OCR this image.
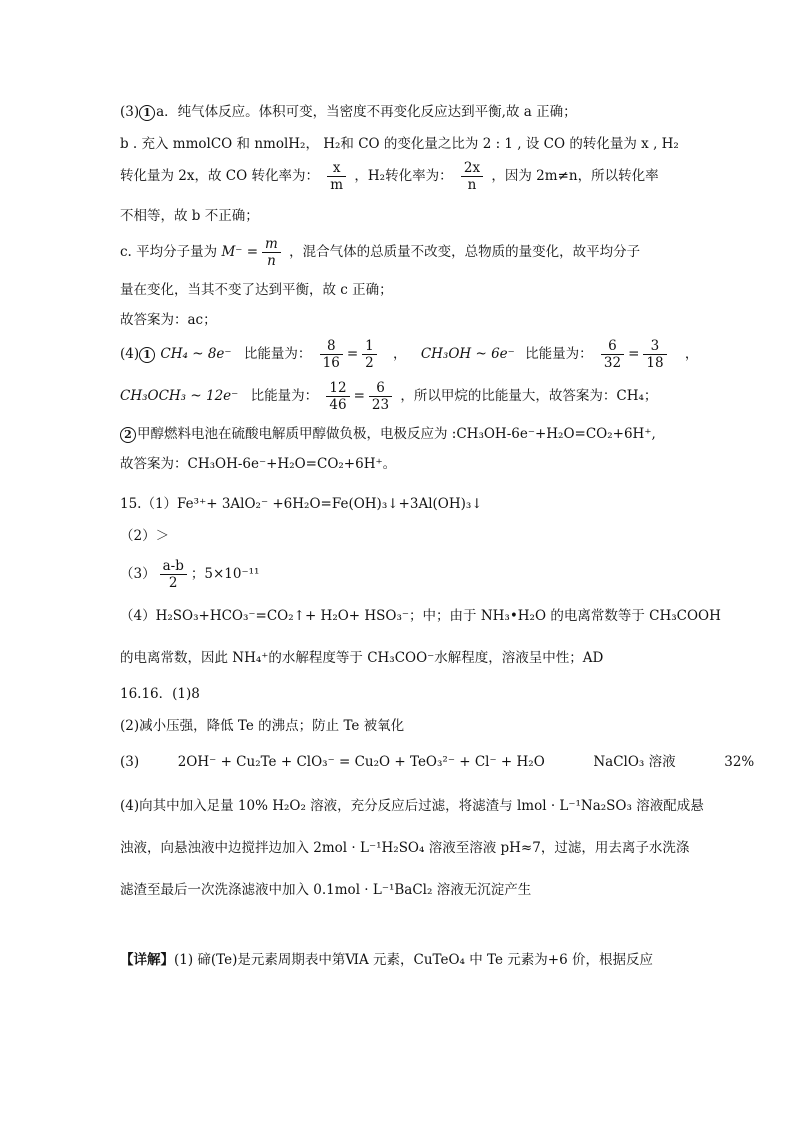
(3) 1 a．纯气体反应。体积可变，当密度不再变化反应达到平衡,故 a 正确；
b . 充入 mmolCO 和 nmolH₂， H₂和 CO 的变化量之比为 2 : 1 , 设 CO 的转化量为 x , H₂
转化量为 2x，故 CO 转化率为： $\frac{x}{m}$ ，H₂转化率为： $\frac{2x}{n}$ ，因为 2m≠n，所以转化率
不相等，故 b 不正确；
c. 平均分子量为 $M^- = \frac{m}{n}$ ，混合气体的总质量不改变，总物质的量变化，故平均分子
量在变化，当其不变了达到平衡，故 c 正确；
故答案为：ac；
(4) 1 CH₄ ~ 8e⁻ 比能量为： $\frac{8}{16} = \frac{1}{2}$ ， CH₃OH ~ 6e⁻ 比能量为： $\frac{6}{32} = \frac{3}{18}$ ，
CH₃OCH₃ ~ 12e⁻ 比能量为： $\frac{12}{46} = \frac{6}{23}$ ，所以甲烷的比能量大，故答案为：CH₄；
2 甲醇燃料电池在硫酸电解质甲醇做负极，电极反应为 :CH₃OH-6e⁻+H₂O=CO₂+6H⁺,
故答案为：CH₃OH-6e⁻+H₂O=CO₂+6H⁺。
15.（1）Fe³⁺+ 3AlO₂⁻ +6H₂O=Fe(OH)₃↓+3Al(OH)₃↓
（2）＞
$(3) \frac{a-b}{2}$ ；5×10⁻¹¹
（4）H₂SO₃+HCO₃⁻=CO₂↑+ H₂O+ HSO₃⁻；中；由于 NH₃•H₂O 的电离常数等于 CH₃COOH
的电离常数，因此 NH₄⁺的水解程度等于 CH₃COO⁻水解程度，溶液呈中性；AD
16.16．(1)8
(2)减小压强，降低 Te 的沸点；防止 Te 被氧化
(3)	2OH⁻ + Cu₂Te + ClO₃⁻ = Cu₂O + TeO₃²⁻ + Cl⁻ + H₂O	NaClO₃ 溶液	32%
(4)向其中加入足量 10% H₂O₂ 溶液，充分反应后过滤，将滤渣与 lmol · L⁻¹Na₂SO₃ 溶液配成悬
浊液，向悬浊液中边搅拌边加入 2mol · L⁻¹H₂SO₄ 溶液至溶液 pH≈7，过滤，用去离子水洗涤
滤渣至最后一次洗涤滤液中加入 0.1mol · L⁻¹BaCl₂ 溶液无沉淀产生
【详解】(1) 碲(Te)是元素周期表中第ⅥA 元素，CuTeO₄ 中 Te 元素为+6 价，根据反应
